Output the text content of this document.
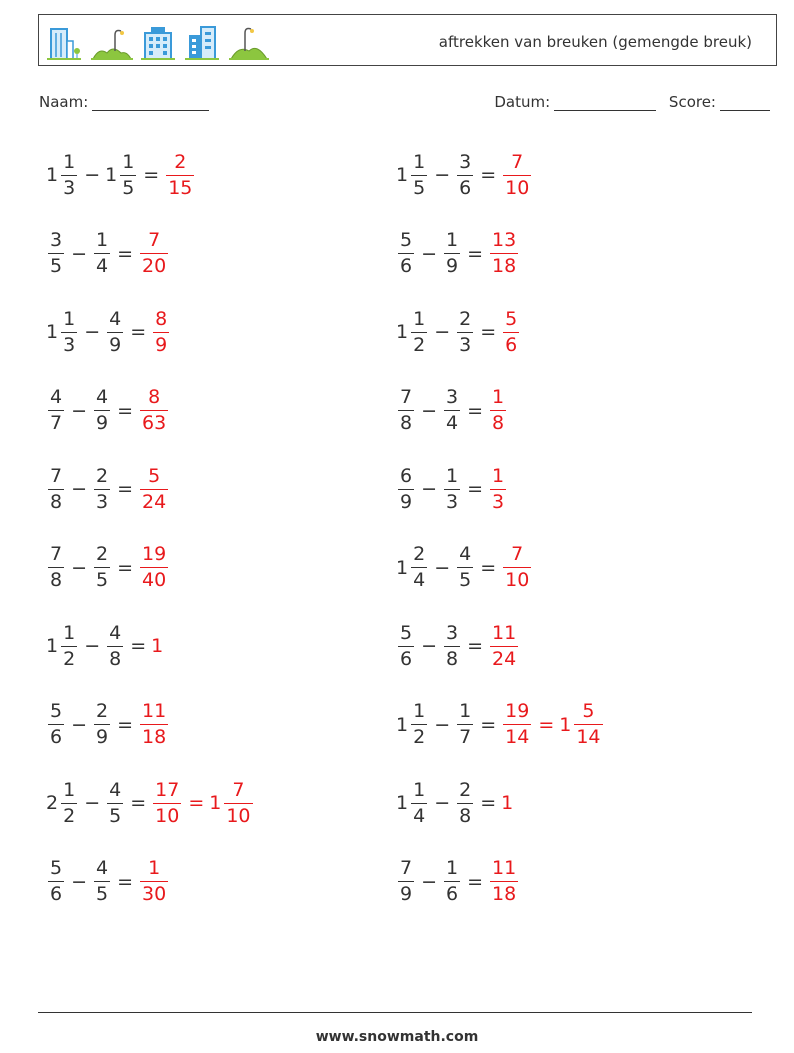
aftrekken van breuken (gemengde breuk)
Naam:	Datum:	Score:
$1 \frac{1}{3} - 1 \frac{1}{5} = \frac{2}{15}$	$1 \frac{1}{5} - \frac{3}{6} = \frac{7}{10}$
$\frac{3}{5} - \frac{1}{4} = \frac{7}{20}$	$\frac{5}{6} - \frac{1}{9} = \frac{13}{18}$
$1 \frac{1}{3} - \frac{4}{9} = \frac{8}{9}$	$1 \frac{1}{2} - \frac{2}{3} = \frac{5}{6}$
$\frac{4}{7} - \frac{4}{9} = \frac{8}{63}$	$\frac{7}{8} - \frac{3}{4} = \frac{1}{8}$
$\frac{7}{8} - \frac{2}{3} = \frac{5}{24}$	$\frac{6}{9} - \frac{1}{3} = \frac{1}{3}$
$\frac{7}{8} - \frac{2}{5} = \frac{19}{40}$	$1 \frac{2}{4} - \frac{4}{5} = \frac{7}{10}$
$1 \frac{1}{2} - \frac{4}{8} = 1$	$\frac{5}{6} - \frac{3}{8} = \frac{11}{24}$
$\frac{5}{6} - \frac{2}{9} = \frac{11}{18}$	$1 \frac{1}{2} - \frac{1}{7} = \frac{19}{14} = 1 \frac{5}{14}$
$2 \frac{1}{2} - \frac{4}{5} = \frac{17}{10} = 1 \frac{7}{10}$	$1 \frac{1}{4} - \frac{2}{8} = 1$
$\frac{5}{6} - \frac{4}{5} = \frac{1}{30}$	$\frac{7}{9} - \frac{1}{6} = \frac{11}{18}$
www.snowmath.com
